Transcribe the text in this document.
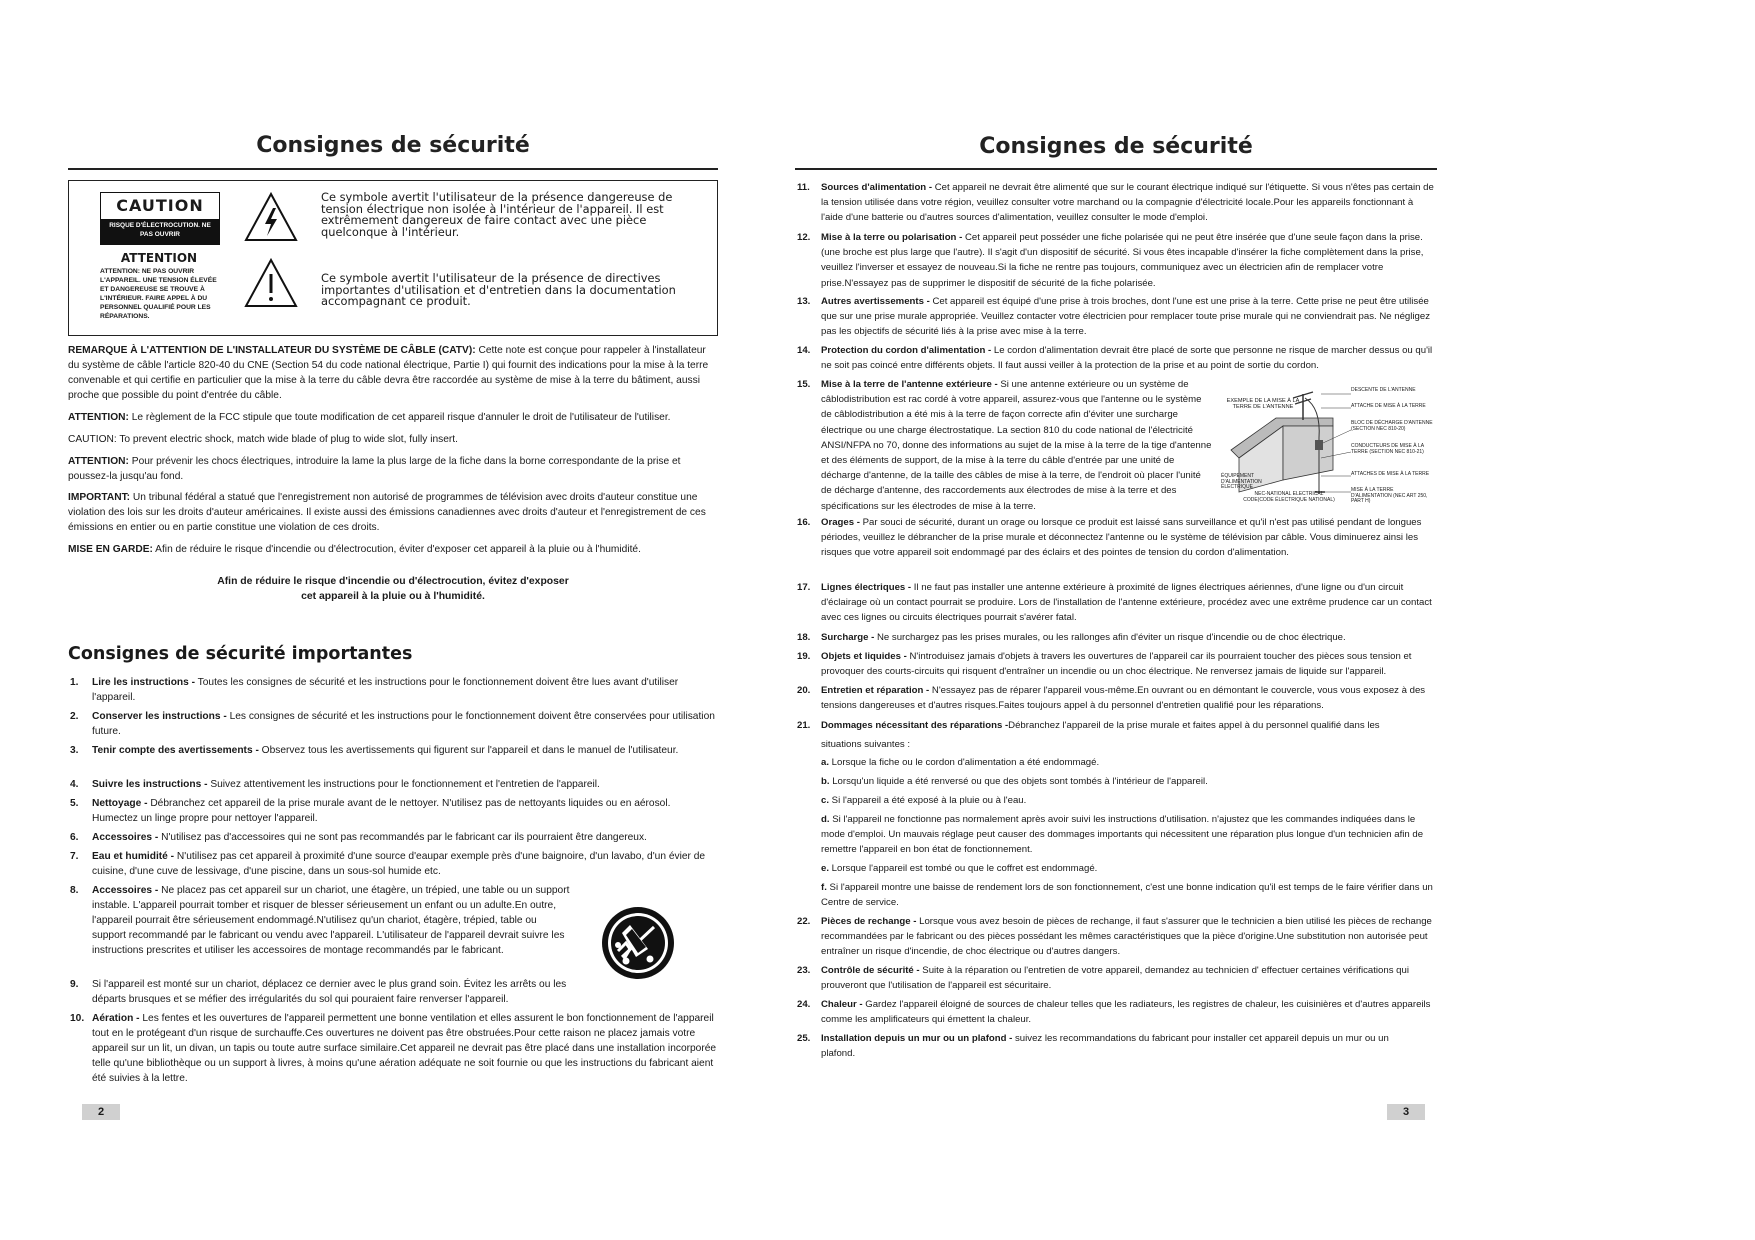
Consignes de sécurité
CAUTION
RISQUE D'ÉLECTROCUTION. NE PAS OUVRIR
ATTENTION
ATTENTION: NE PAS OUVRIR L'APPAREIL. UNE TENSION ÉLEVÉE ET DANGEREUSE SE TROUVE À L'INTÉRIEUR. FAIRE APPEL À DU PERSONNEL QUALIFIÉ POUR LES RÉPARATIONS.
Ce symbole avertit l'utilisateur de la présence dangereuse de tension électrique non isolée à l'intérieur de l'appareil. Il est extrêmement dangereux de faire contact avec une pièce quelconque à l'intérieur.
Ce symbole avertit l'utilisateur de la présence de directives importantes d'utilisation et d'entretien dans la documentation accompagnant ce produit.

REMARQUE À L'ATTENTION DE L'INSTALLATEUR DU SYSTÈME DE CÂBLE (CATV): Cette note est conçue pour rappeler à l'installateur du système de câble l'article 820-40 du CNE (Section 54 du code national électrique, Partie I) qui fournit des indications pour la mise à la terre convenable et qui certifie en particulier que la mise à la terre du câble devra être raccordée au système de mise à la terre du bâtiment, aussi proche que possible du point d'entrée du câble.

ATTENTION: Le règlement de la FCC stipule que toute modification de cet appareil risque d'annuler le droit de l'utilisateur de l'utiliser.

CAUTION: To prevent electric shock, match wide blade of plug to wide slot, fully insert.

ATTENTION: Pour prévenir les chocs électriques, introduire la lame la plus large de la fiche dans la borne correspondante de la prise et poussez-la jusqu'au fond.

IMPORTANT: Un tribunal fédéral a statué que l'enregistrement non autorisé de programmes de télévision avec droits d'auteur constitue une violation des lois sur les droits d'auteur américaines. Il existe aussi des émissions canadiennes avec droits d'auteur et l'enregistrement de ces émissions en entier ou en partie constitue une violation de ces droits.

MISE EN GARDE: Afin de réduire le risque d'incendie ou d'électrocution, éviter d'exposer cet appareil à la pluie ou à l'humidité.

Afin de réduire le risque d'incendie ou d'électrocution, évitez d'exposer
cet appareil à la pluie ou à l'humidité.
Consignes de sécurité importantes
1. Lire les instructions - Toutes les consignes de sécurité et les instructions pour le fonctionnement doivent être lues avant d'utiliser l'appareil.
2. Conserver les instructions - Les consignes de sécurité et les instructions pour le fonctionnement doivent être conservées pour utilisation future.
3. Tenir compte des avertissements - Observez tous les avertissements qui figurent sur l'appareil et dans le manuel de l'utilisateur.
4. Suivre les instructions - Suivez attentivement les instructions pour le fonctionnement et l'entretien de l'appareil.
5. Nettoyage - Débranchez cet appareil de la prise murale avant de le nettoyer. N'utilisez pas de nettoyants liquides ou en aérosol. Humectez un linge propre pour nettoyer l'appareil.
6. Accessoires - N'utilisez pas d'accessoires qui ne sont pas recommandés par le fabricant car ils pourraient être dangereux.
7. Eau et humidité - N'utilisez pas cet appareil à proximité d'une source d'eaupar exemple près d'une baignoire, d'un lavabo, d'un évier de cuisine, d'une cuve de lessivage, d'une piscine, dans un sous-sol humide etc.
8. Accessoires - Ne placez pas cet appareil sur un chariot, une étagère, un trépied, une table ou un support instable. L'appareil pourrait tomber et risquer de blesser sérieusement un enfant ou un adulte.En outre, l'appareil pourrait être sérieusement endommagé.N'utilisez qu'un chariot, étagère, trépied, table ou support recommandé par le fabricant ou vendu avec l'appareil. L'utilisateur de l'appareil devrait suivre les instructions prescrites et utiliser les accessoires de montage recommandés par le fabricant.
9. Si l'appareil est monté sur un chariot, déplacez ce dernier avec le plus grand soin. Évitez les arrêts ou les départs brusques et se méfier des irrégularités du sol qui pouraient faire renverser l'appareil.
10. Aération - Les fentes et les ouvertures de l'appareil permettent une bonne ventilation et elles assurent le bon fonctionnement de l'appareil tout en le protégeant d'un risque de surchauffe.Ces ouvertures ne doivent pas être obstruées.Pour cette raison ne placez jamais votre appareil sur un lit, un divan, un tapis ou toute autre surface similaire.Cet appareil ne devrait pas être placé dans une installation incorporée telle qu'une bibliothèque ou un support à livres, à moins qu'une aération adéquate ne soit fournie ou que les instructions du fabricant aient été suivies à la lettre.
2
Consignes de sécurité
11. Sources d'alimentation - Cet appareil ne devrait être alimenté que sur le courant électrique indiqué sur l'étiquette. Si vous n'êtes pas certain de la tension utilisée dans votre région, veuillez consulter votre marchand ou la compagnie d'électricité locale.Pour les appareils fonctionnant à l'aide d'une batterie ou d'autres sources d'alimentation, veuillez consulter le mode d'emploi.
12. Mise à la terre ou polarisation - Cet appareil peut posséder une fiche polarisée qui ne peut être insérée que d'une seule façon dans la prise. (une broche est plus large que l'autre). Il s'agit d'un dispositif de sécurité. Si vous êtes incapable d'insérer la fiche complètement dans la prise, veuillez l'inverser et essayez de nouveau.Si la fiche ne rentre pas toujours, communiquez avec un électricien afin de remplacer votre prise.N'essayez pas de supprimer le dispositif de sécurité de la fiche polarisée.
13. Autres avertissements - Cet appareil est équipé d'une prise à trois broches, dont l'une est une prise à la terre. Cette prise ne peut être utilisée que sur une prise murale appropriée. Veuillez contacter votre électricien pour remplacer toute prise murale qui ne conviendrait pas. Ne négligez pas les objectifs de sécurité liés à la prise avec mise à la terre.
14. Protection du cordon d'alimentation - Le cordon d'alimentation devrait être placé de sorte que personne ne risque de marcher dessus ou qu'il ne soit pas coincé entre différents objets. Il faut aussi veiller à la protection de la prise et au point de sortie du cordon.
15. Mise à la terre de l'antenne extérieure - Si une antenne extérieure ou un système de câblodistribution est rac cordé à votre appareil, assurez-vous que l'antenne ou le système de câblodistribution a été mis à la terre de façon correcte afin d'éviter une surcharge électrique ou une charge électrostatique. La section 810 du code national de l'électricité ANSI/NFPA no 70, donne des informations au sujet de la mise à la terre de la tige d'antenne et des éléments de support, de la mise à la terre du câble d'entrée par une unité de décharge d'antenne, de la taille des câbles de mise à la terre, de l'endroit où placer l'unité de décharge d'antenne, des raccordements aux électrodes de mise à la terre et des spécifications sur les électrodes de mise à la terre.
16. Orages - Par souci de sécurité, durant un orage ou lorsque ce produit est laissé sans surveillance et qu'il n'est pas utilisé pendant de longues périodes, veuillez le débrancher de la prise murale et déconnectez l'antenne ou le système de télévision par câble. Vous diminuerez ainsi les risques que votre appareil soit endommagé par des éclairs et des pointes de tension du cordon d'alimentation.
17. Lignes électriques - Il ne faut pas installer une antenne extérieure à proximité de lignes électriques aériennes, d'une ligne ou d'un circuit d'éclairage où un contact pourrait se produire. Lors de l'installation de l'antenne extérieure, procédez avec une extrême prudence car un contact avec ces lignes ou circuits électriques pourrait s'avérer fatal.
18. Surcharge - Ne surchargez pas les prises murales, ou les rallonges afin d'éviter un risque d'incendie ou de choc électrique.
19. Objets et liquides - N'introduisez jamais d'objets à travers les ouvertures de l'appareil car ils pourraient toucher des pièces sous tension et provoquer des courts-circuits qui risquent d'entraîner un incendie ou un choc électrique. Ne renversez jamais de liquide sur l'appareil.
20. Entretien et réparation - N'essayez pas de réparer l'appareil vous-même.En ouvrant ou en démontant le couvercle, vous vous exposez à des tensions dangereuses et d'autres risques.Faites toujours appel à du personnel d'entretien qualifié pour les réparations.
21. Dommages nécessitant des réparations -Débranchez l'appareil de la prise murale et faites appel à du personnel qualifié dans les situations suivantes :
a. Lorsque la fiche ou le cordon d'alimentation a été endommagé.
b. Lorsqu'un liquide a été renversé ou que des objets sont tombés à l'intérieur de l'appareil.
c. Si l'appareil a été exposé à la pluie ou à l'eau.
d. Si l'appareil ne fonctionne pas normalement après avoir suivi les instructions d'utilisation. n'ajustez que les commandes indiquées dans le mode d'emploi. Un mauvais réglage peut causer des dommages importants qui nécessitent une réparation plus longue d'un technicien afin de remettre l'appareil en bon état de fonctionnement.
e. Lorsque l'appareil est tombé ou que le coffret est endommagé.
f. Si l'appareil montre une baisse de rendement lors de son fonctionnement, c'est une bonne indication qu'il est temps de le faire vérifier dans un Centre de service.
22. Pièces de rechange - Lorsque vous avez besoin de pièces de rechange, il faut s'assurer que le technicien a bien utilisé les pièces de rechange recommandées par le fabricant ou des pièces possédant les mêmes caractéristiques que la pièce d'origine.Une substitution non autorisée peut entraîner un risque d'incendie, de choc électrique ou d'autres dangers.
23. Contrôle de sécurité - Suite à la réparation ou l'entretien de votre appareil, demandez au technicien d' effectuer certaines vérifications qui prouveront que l'utilisation de l'appareil est sécuritaire.
24. Chaleur - Gardez l'appareil éloigné de sources de chaleur telles que les radiateurs, les registres de chaleur, les cuisinières et d'autres appareils comme les amplificateurs qui émettent la chaleur.
25. Installation depuis un mur ou un plafond - suivez les recommandations du fabricant pour installer cet appareil depuis un mur ou un plafond.
EXEMPLE DE LA MISE À LA TERRE DE L'ANTENNE
DESCENTE DE L'ANTENNE
ATTACHE DE MISE À LA TERRE
BLOC DE DÉCHARGE D'ANTENNE (SECTION NEC 810-20)
CONDUCTEURS DE MISE À LA TERRE (SECTION NEC 810-21)
ATTACHES DE MISE À LA TERRE
MISE À LA TERRE D'ALIMENTATION (NEC ART 250, PART H)
ÉQUIPEMENT D'ALIMENTATION ÉLECTRIQUE
NEC-NATIONAL ELECTRICAL CODE(CODE ÉLECTRIQUE NATIONAL)
3
